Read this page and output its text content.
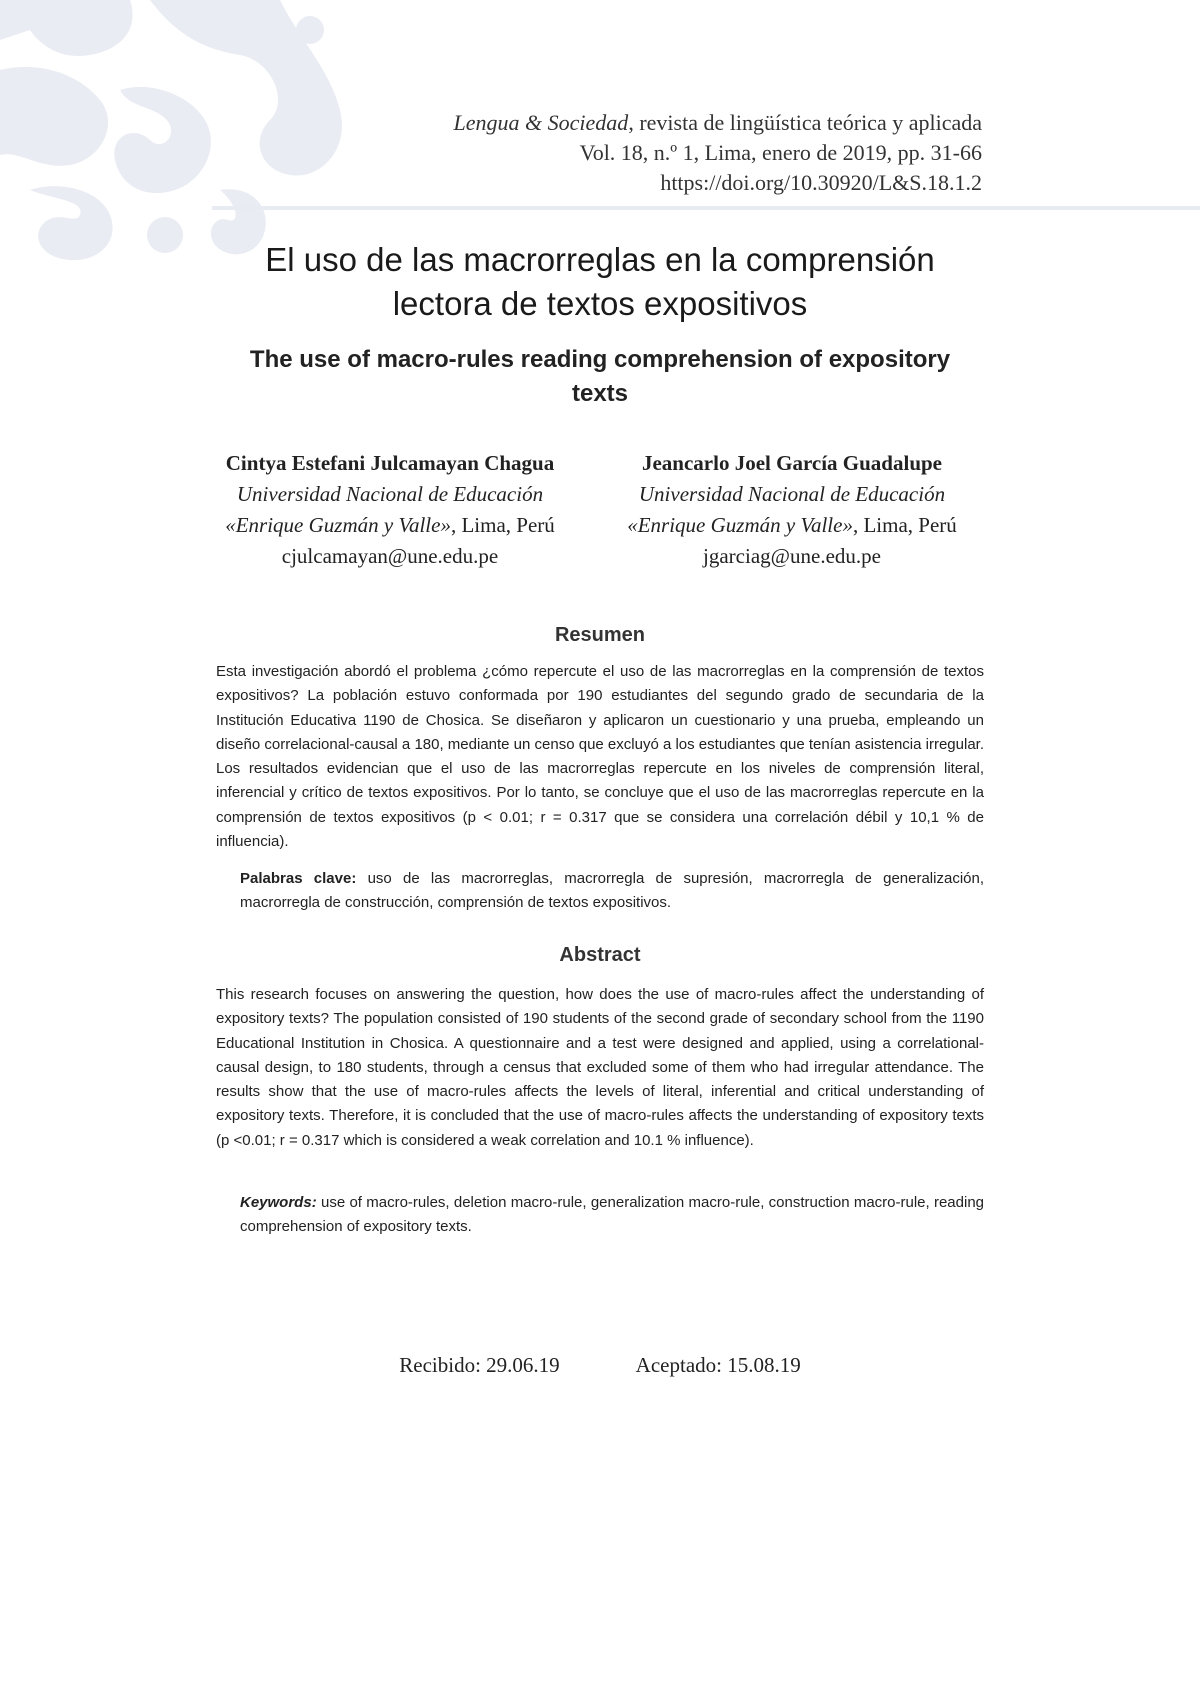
Lengua & Sociedad, revista de lingüística teórica y aplicada
Vol. 18, n.º 1, Lima, enero de 2019, pp. 31-66
https://doi.org/10.30920/L&S.18.1.2
El uso de las macrorreglas en la comprensión
lectora de textos expositivos
The use of macro-rules reading comprehension of expository
texts
Cintya Estefani Julcamayan Chagua
Universidad Nacional de Educación
«Enrique Guzmán y Valle», Lima, Perú
cjulcamayan@une.edu.pe
Jeancarlo Joel García Guadalupe
Universidad Nacional de Educación
«Enrique Guzmán y Valle», Lima, Perú
jgarciag@une.edu.pe
Resumen

Esta investigación abordó el problema ¿cómo repercute el uso de las macrorreglas en la comprensión de textos expositivos? La población estuvo conformada por 190 estudiantes del segundo grado de secundaria de la Institución Educativa 1190 de Chosica. Se diseñaron y aplicaron un cuestionario y una prueba, empleando un diseño correlacional-causal a 180, mediante un censo que excluyó a los estudiantes que tenían asistencia irregular. Los resultados evidencian que el uso de las macrorreglas repercute en los niveles de comprensión literal, inferencial y crítico de textos expositivos. Por lo tanto, se concluye que el uso de las macrorreglas repercute en la comprensión de textos expositivos (p < 0.01; r = 0.317 que se considera una correlación débil y 10,1 % de influencia).

Palabras clave: uso de las macrorreglas, macrorregla de supresión, macrorregla de generalización, macrorregla de construcción, comprensión de textos expositivos.

Abstract

This research focuses on answering the question, how does the use of macro-rules affect the understanding of expository texts? The population consisted of 190 students of the second grade of secondary school from the 1190 Educational Institution in Chosica. A questionnaire and a test were designed and applied, using a correlational-causal design, to 180 students, through a census that excluded some of them who had irregular attendance. The results show that the use of macro-rules affects the levels of literal, inferential and critical understanding of expository texts. Therefore, it is concluded that the use of macro-rules affects the understanding of expository texts (p <0.01; r = 0.317 which is considered a weak correlation and 10.1 % influence).

Keywords: use of macro-rules, deletion macro-rule, generalization macro-rule, construction macro-rule, reading comprehension of expository texts.

Recibido: 29.06.19	Aceptado: 15.08.19
